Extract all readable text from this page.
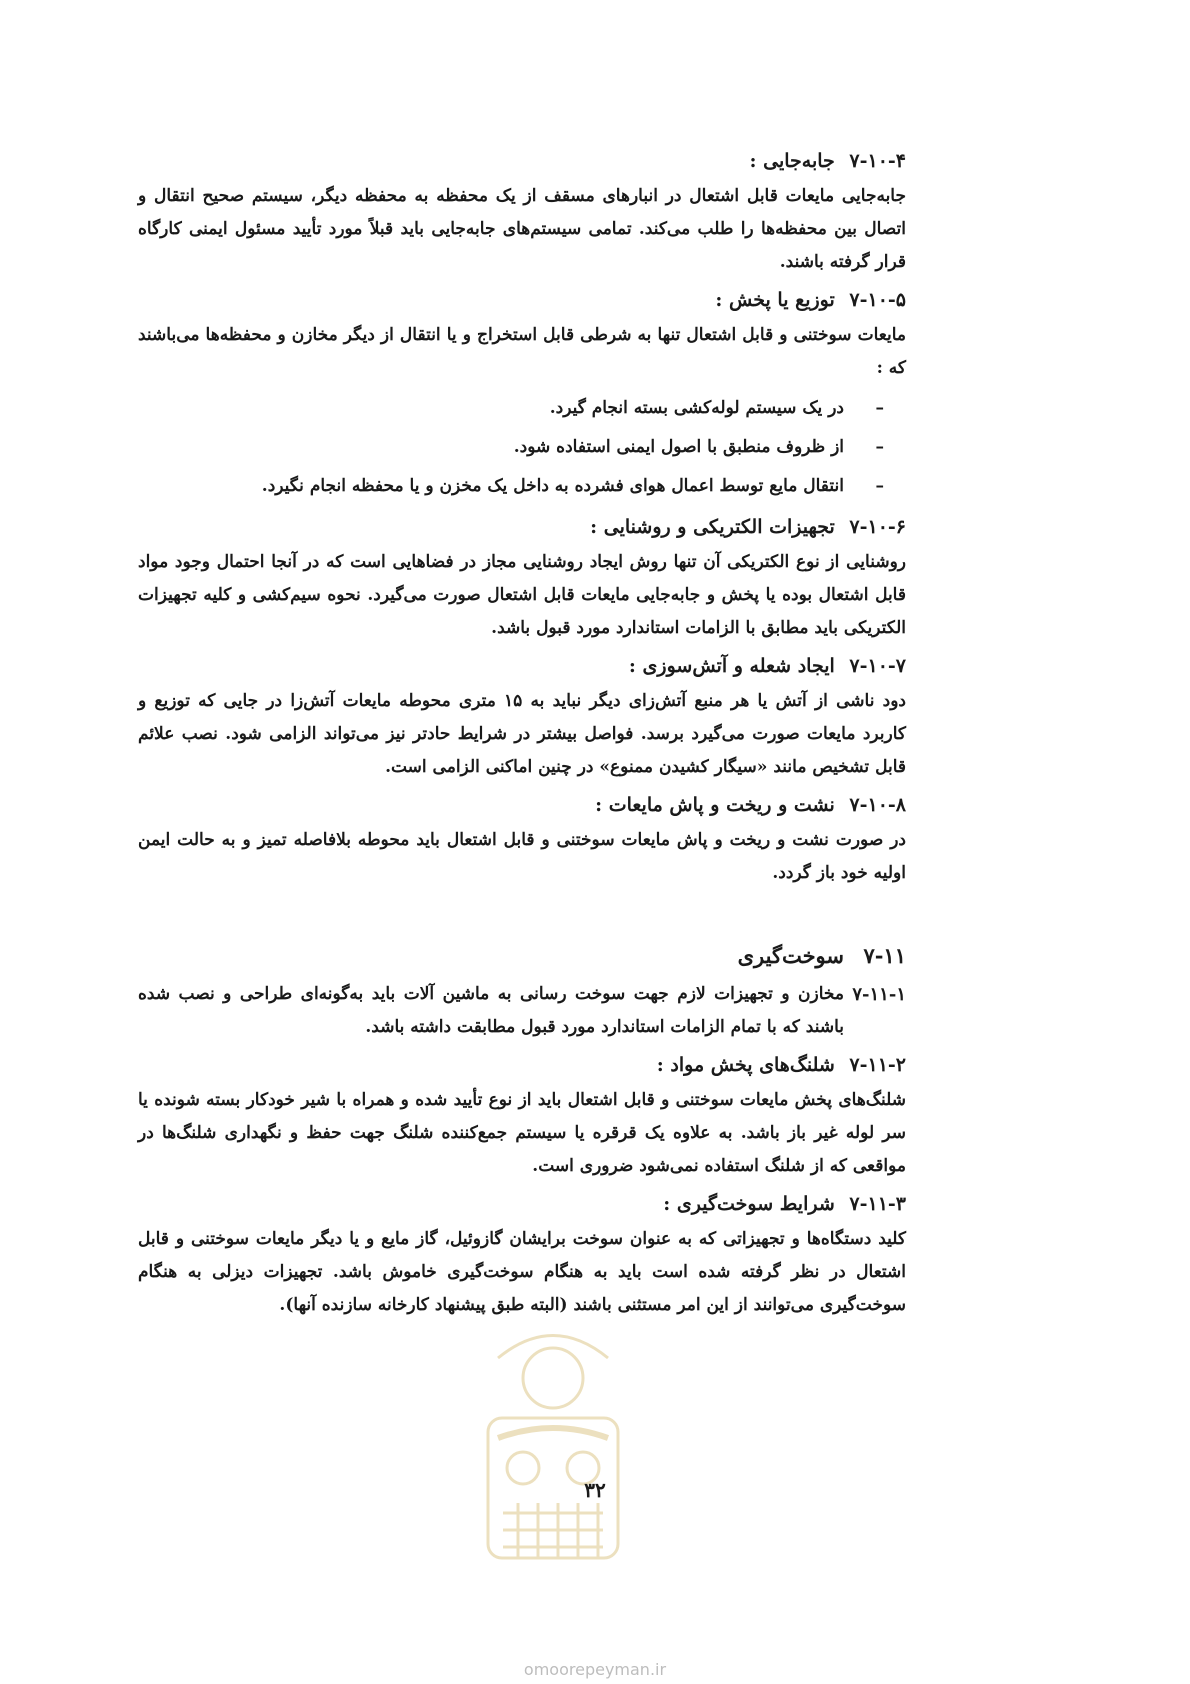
۷-۱۰-۴ جابه‌جایی :
جابه‌جایی مایعات قابل اشتعال در انبارهای مسقف از یک محفظه به محفظه دیگر، سیستم صحیح انتقال و اتصال بین محفظه‌ها را طلب می‌کند. تمامی سیستم‌های جابه‌جایی باید قبلاً مورد تأیید مسئول ایمنی کارگاه قرار گرفته باشند.
۷-۱۰-۵ توزیع یا پخش :
مایعات سوختنی و قابل اشتعال تنها به شرطی قابل استخراج و یا انتقال از دیگر مخازن و محفظه‌ها می‌باشند که :
–
در یک سیستم لوله‌کشی بسته انجام گیرد.
–
از ظروف منطبق با اصول ایمنی استفاده شود.
–
انتقال مایع توسط اعمال هوای فشرده به داخل یک مخزن و یا محفظه انجام نگیرد.
۷-۱۰-۶ تجهیزات الکتریکی و روشنایی :
روشنایی از نوع الکتریکی آن تنها روش ایجاد روشنایی مجاز در فضاهایی است که در آنجا احتمال وجود مواد قابل اشتعال بوده یا پخش و جابه‌جایی مایعات قابل اشتعال صورت می‌گیرد. نحوه سیم‌کشی و کلیه تجهیزات الکتریکی باید مطابق با الزامات استاندارد مورد قبول باشد.
۷-۱۰-۷ ایجاد شعله و آتش‌سوزی :
دود ناشی از آتش یا هر منبع آتش‌زای دیگر نباید به ۱۵ متری محوطه مایعات آتش‌زا در جایی که توزیع و کاربرد مایعات صورت می‌گیرد برسد. فواصل بیشتر در شرایط حادتر نیز می‌تواند الزامی شود. نصب علائم قابل تشخیص مانند «سیگار کشیدن ممنوع» در چنین اماکنی الزامی است.
۷-۱۰-۸ نشت و ریخت و پاش مایعات :
در صورت نشت و ریخت و پاش مایعات سوختنی و قابل اشتعال باید محوطه بلافاصله تمیز و به حالت ایمن اولیه خود باز گردد.
۷-۱۱
سوخت‌گیری
۷-۱۱-۱
مخازن و تجهیزات لازم جهت سوخت رسانی به ماشین آلات باید به‌گونه‌ای طراحی و نصب شده باشند که با تمام الزامات استاندارد مورد قبول مطابقت داشته باشد.
۷-۱۱-۲ شلنگ‌های پخش مواد :
شلنگ‌های پخش مایعات سوختنی و قابل اشتعال باید از نوع تأیید شده و همراه با شیر خودکار بسته شونده یا سر لوله غیر باز باشد. به علاوه یک قرقره یا سیستم جمع‌کننده شلنگ جهت حفظ و نگهداری شلنگ‌ها در مواقعی که از شلنگ استفاده نمی‌شود ضروری است.
۷-۱۱-۳ شرایط سوخت‌گیری :
کلید دستگاه‌ها و تجهیزاتی که به عنوان سوخت برایشان گازوئیل، گاز مایع و یا دیگر مایعات سوختنی و قابل اشتعال در نظر گرفته شده است باید به هنگام سوخت‌گیری خاموش باشد. تجهیزات دیزلی به هنگام سوخت‌گیری می‌توانند از این امر مستثنی باشند (البته طبق پیشنهاد کارخانه سازنده آنها).
۳۲
omoorepeyman.ir
